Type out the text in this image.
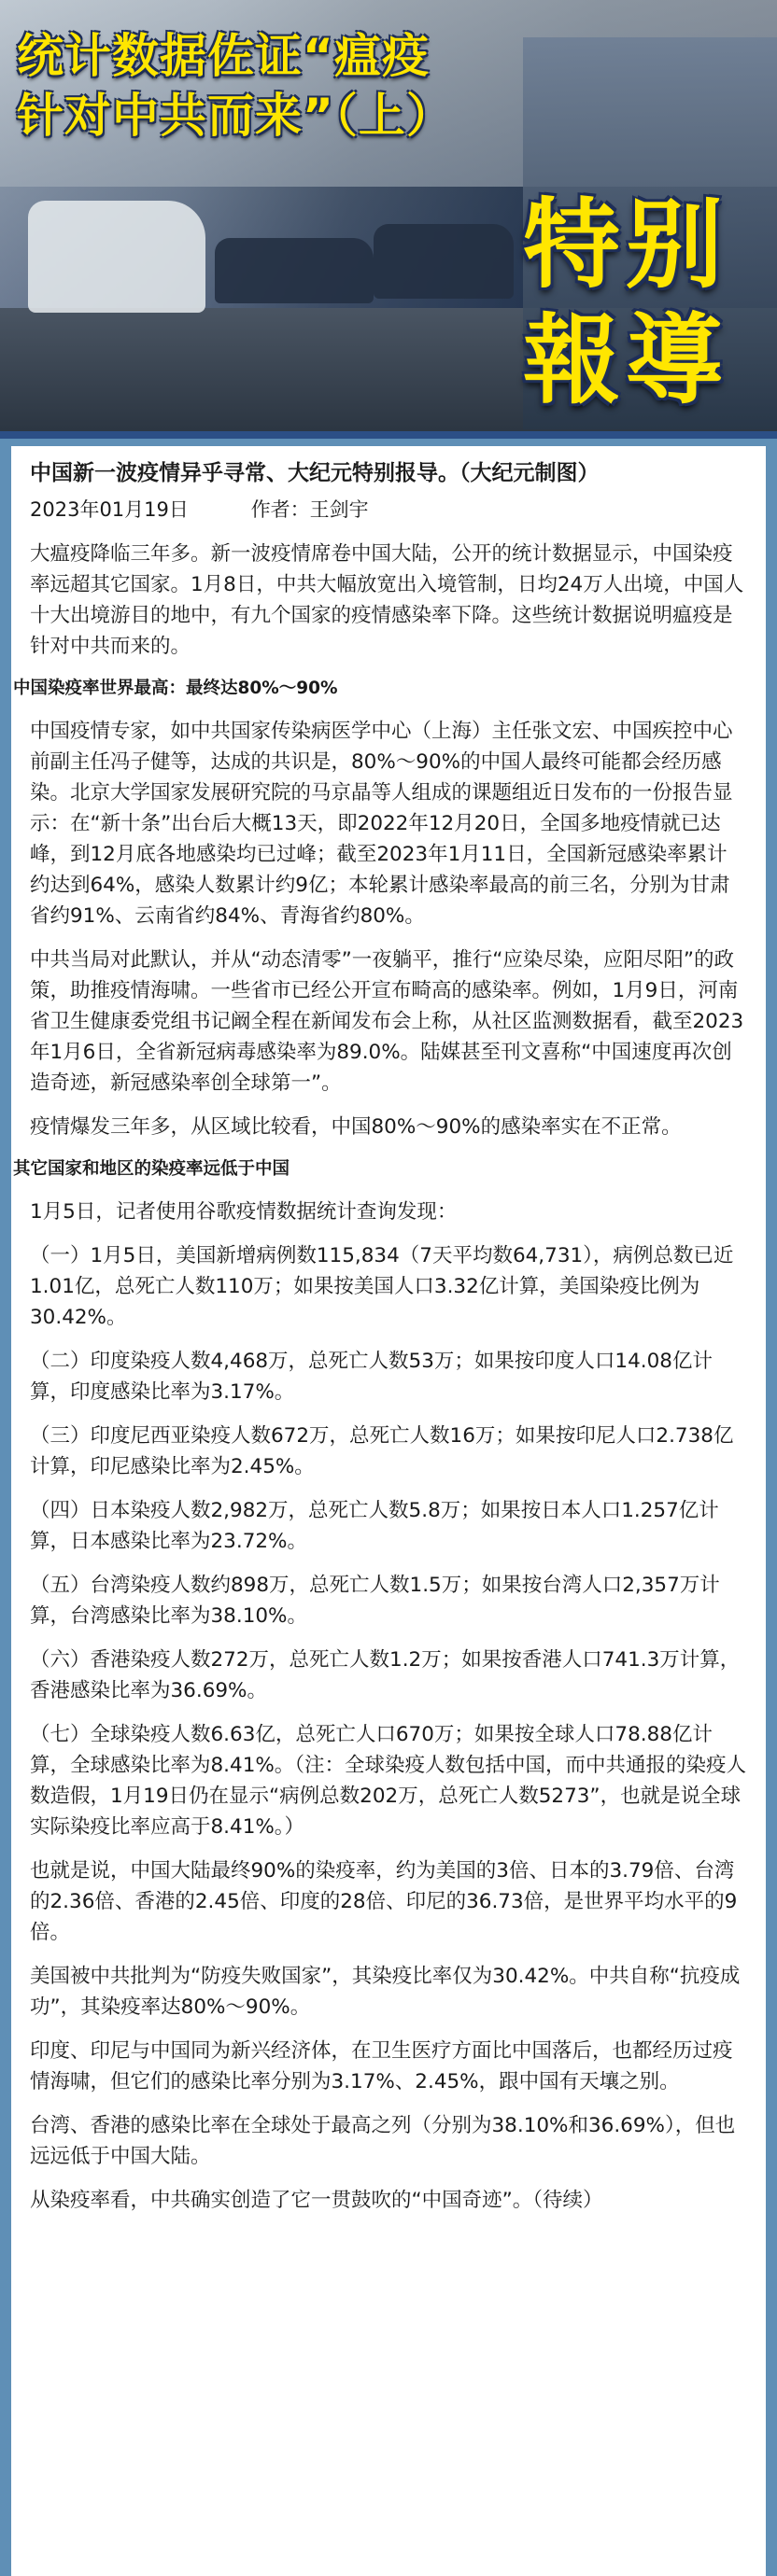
统计数据佐证“瘟疫
针对中共而来”（上）
特别
報導
中国新一波疫情异乎寻常、大纪元特别报导。（大纪元制图）
2023年01月19日	作者：王剑宇

大瘟疫降临三年多。新一波疫情席卷中国大陆，公开的统计数据显示，中国染疫率远超其它国家。1月8日，中共大幅放宽出入境管制，日均24万人出境，中国人十大出境游目的地中，有九个国家的疫情感染率下降。这些统计数据说明瘟疫是针对中共而来的。

中国染疫率世界最高：最终达80%～90%

中国疫情专家，如中共国家传染病医学中心（上海）主任张文宏、中国疾控中心前副主任冯子健等，达成的共识是，80%～90%的中国人最终可能都会经历感染。北京大学国家发展研究院的马京晶等人组成的课题组近日发布的一份报告显示：在“新十条”出台后大概13天，即2022年12月20日，全国多地疫情就已达峰，到12月底各地感染均已过峰；截至2023年1月11日，全国新冠感染率累计约达到64%，感染人数累计约9亿；本轮累计感染率最高的前三名，分别为甘肃省约91%、云南省约84%、青海省约80%。

中共当局对此默认，并从“动态清零”一夜躺平，推行“应染尽染，应阳尽阳”的政策，助推疫情海啸。一些省市已经公开宣布畸高的感染率。例如，1月9日，河南省卫生健康委党组书记阚全程在新闻发布会上称，从社区监测数据看，截至2023年1月6日，全省新冠病毒感染率为89.0%。陆媒甚至刊文喜称“中国速度再次创造奇迹，新冠感染率创全球第一”。

疫情爆发三年多，从区域比较看，中国80%～90%的感染率实在不正常。

其它国家和地区的染疫率远低于中国

1月5日，记者使用谷歌疫情数据统计查询发现：

（一）1月5日，美国新增病例数115,834（7天平均数64,731），病例总数已近1.01亿，总死亡人数110万；如果按美国人口3.32亿计算，美国染疫比例为30.42%。

（二）印度染疫人数4,468万，总死亡人数53万；如果按印度人口14.08亿计算，印度感染比率为3.17%。

（三）印度尼西亚染疫人数672万，总死亡人数16万；如果按印尼人口2.738亿计算，印尼感染比率为2.45%。

（四）日本染疫人数2,982万，总死亡人数5.8万；如果按日本人口1.257亿计算，日本感染比率为23.72%。

（五）台湾染疫人数约898万，总死亡人数1.5万；如果按台湾人口2,357万计算，台湾感染比率为38.10%。

（六）香港染疫人数272万，总死亡人数1.2万；如果按香港人口741.3万计算，香港感染比率为36.69%。

（七）全球染疫人数6.63亿，总死亡人口670万；如果按全球人口78.88亿计算，全球感染比率为8.41%。（注：全球染疫人数包括中国，而中共通报的染疫人数造假，1月19日仍在显示“病例总数202万，总死亡人数5273”，也就是说全球实际染疫比率应高于8.41%。）

也就是说，中国大陆最终90%的染疫率，约为美国的3倍、日本的3.79倍、台湾的2.36倍、香港的2.45倍、印度的28倍、印尼的36.73倍，是世界平均水平的9倍。

美国被中共批判为“防疫失败国家”，其染疫比率仅为30.42%。中共自称“抗疫成功”，其染疫率达80%～90%。

印度、印尼与中国同为新兴经济体，在卫生医疗方面比中国落后，也都经历过疫情海啸，但它们的感染比率分别为3.17%、2.45%，跟中国有天壤之别。

台湾、香港的感染比率在全球处于最高之列（分别为38.10%和36.69%），但也远远低于中国大陆。

从染疫率看，中共确实创造了它一贯鼓吹的“中国奇迹”。（待续）
